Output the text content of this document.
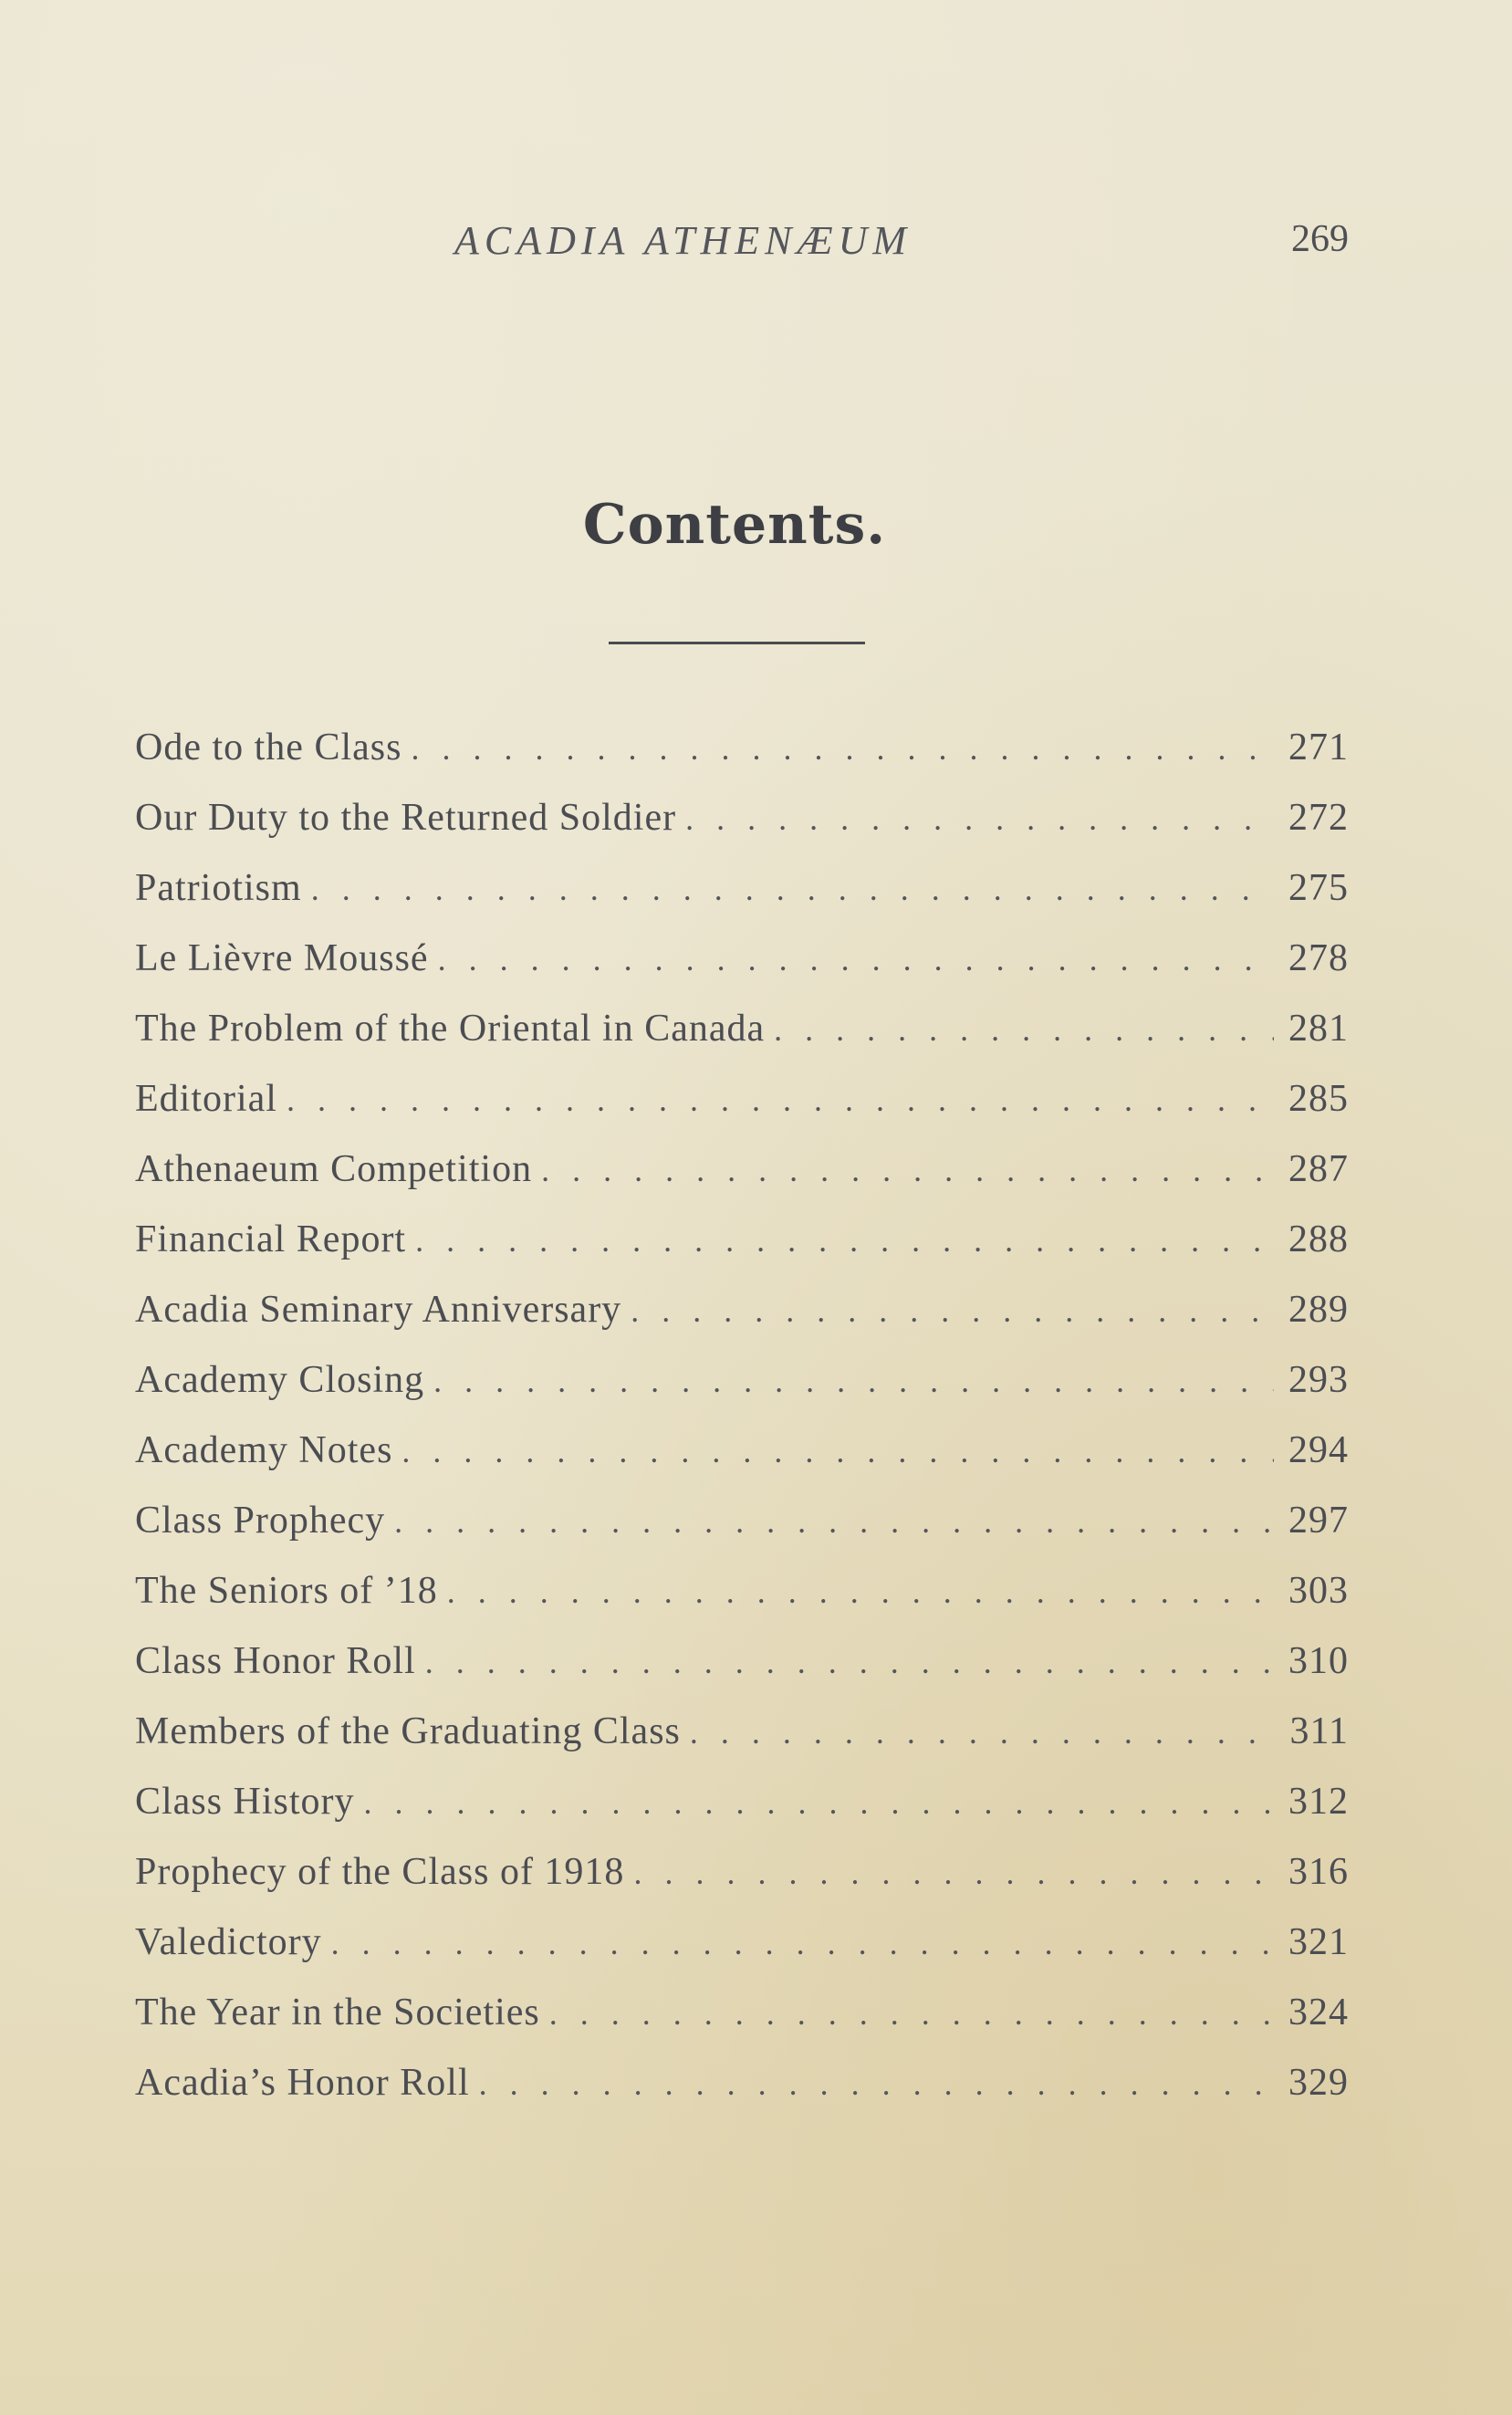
ACADIA ATHENÆUM	269
Contents.
Ode to the Class . . .	271
Our Duty to the Returned Soldier . . .	272
Patriotism . . .	275
Le Lièvre Moussé . . .	278
The Problem of the Oriental in Canada . . .	281
Editorial . . .	285
Athenaeum Competition . . .	287
Financial Report . . .	288
Acadia Seminary Anniversary . . .	289
Academy Closing . . .	293
Academy Notes . . .	294
Class Prophecy . . .	297
The Seniors of ’18 . . .	303
Class Honor Roll . . .	310
Members of the Graduating Class . . .	311
Class History . . .	312
Prophecy of the Class of 1918 . . .	316
Valedictory . . .	321
The Year in the Societies . . .	324
Acadia’s Honor Roll . . .	329
